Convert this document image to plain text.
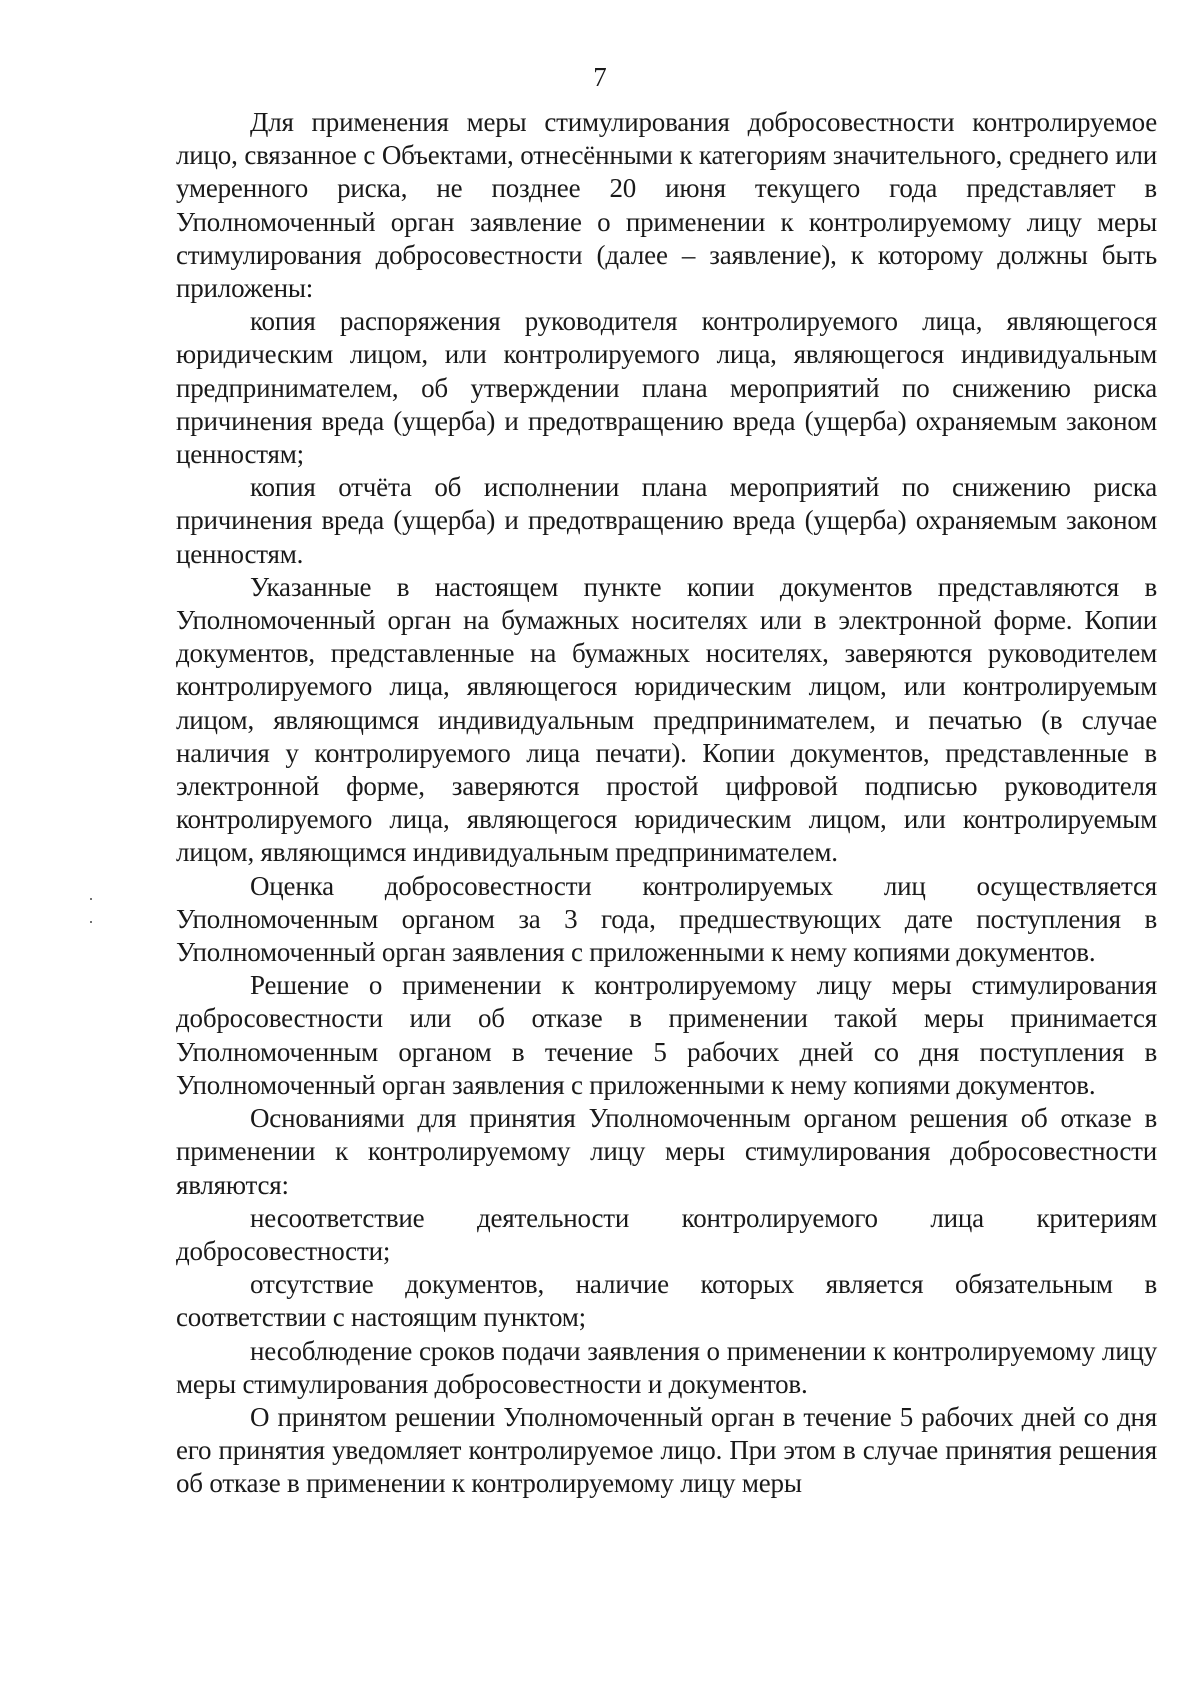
7

Для применения меры стимулирования добросовестности контролируемое лицо, связанное с Объектами, отнесёнными к категориям значительного, среднего или умеренного риска, не позднее 20 июня текущего года представляет в Уполномоченный орган заявление о применении к контролируемому лицу меры стимулирования добросовестности (далее – заявление), к которому должны быть приложены:

копия распоряжения руководителя контролируемого лица, являющегося юридическим лицом, или контролируемого лица, являющегося индивидуальным предпринимателем, об утверждении плана мероприятий по снижению риска причинения вреда (ущерба) и предотвращению вреда (ущерба) охраняемым законом ценностям;

копия отчёта об исполнении плана мероприятий по снижению риска причинения вреда (ущерба) и предотвращению вреда (ущерба) охраняемым законом ценностям.

Указанные в настоящем пункте копии документов представляются в Уполномоченный орган на бумажных носителях или в электронной форме. Копии документов, представленные на бумажных носителях, заверяются руководителем контролируемого лица, являющегося юридическим лицом, или контролируемым лицом, являющимся индивидуальным предпринимателем, и печатью (в случае наличия у контролируемого лица печати). Копии документов, представленные в электронной форме, заверяются простой цифровой подписью руководителя контролируемого лица, являющегося юридическим лицом, или контролируемым лицом, являющимся индивидуальным предпринимателем.

Оценка добросовестности контролируемых лиц осуществляется Уполномоченным органом за 3 года, предшествующих дате поступления в Уполномоченный орган заявления с приложенными к нему копиями документов.

Решение о применении к контролируемому лицу меры стимулирования добросовестности или об отказе в применении такой меры принимается Уполномоченным органом в течение 5 рабочих дней со дня поступления в Уполномоченный орган заявления с приложенными к нему копиями документов.

Основаниями для принятия Уполномоченным органом решения об отказе в применении к контролируемому лицу меры стимулирования добросовестности являются:

несоответствие деятельности контролируемого лица критериям добросовестности;

отсутствие документов, наличие которых является обязательным в соответствии с настоящим пунктом;

несоблюдение сроков подачи заявления о применении к контролируемому лицу меры стимулирования добросовестности и документов.

О принятом решении Уполномоченный орган в течение 5 рабочих дней со дня его принятия уведомляет контролируемое лицо. При этом в случае принятия решения об отказе в применении к контролируемому лицу меры
